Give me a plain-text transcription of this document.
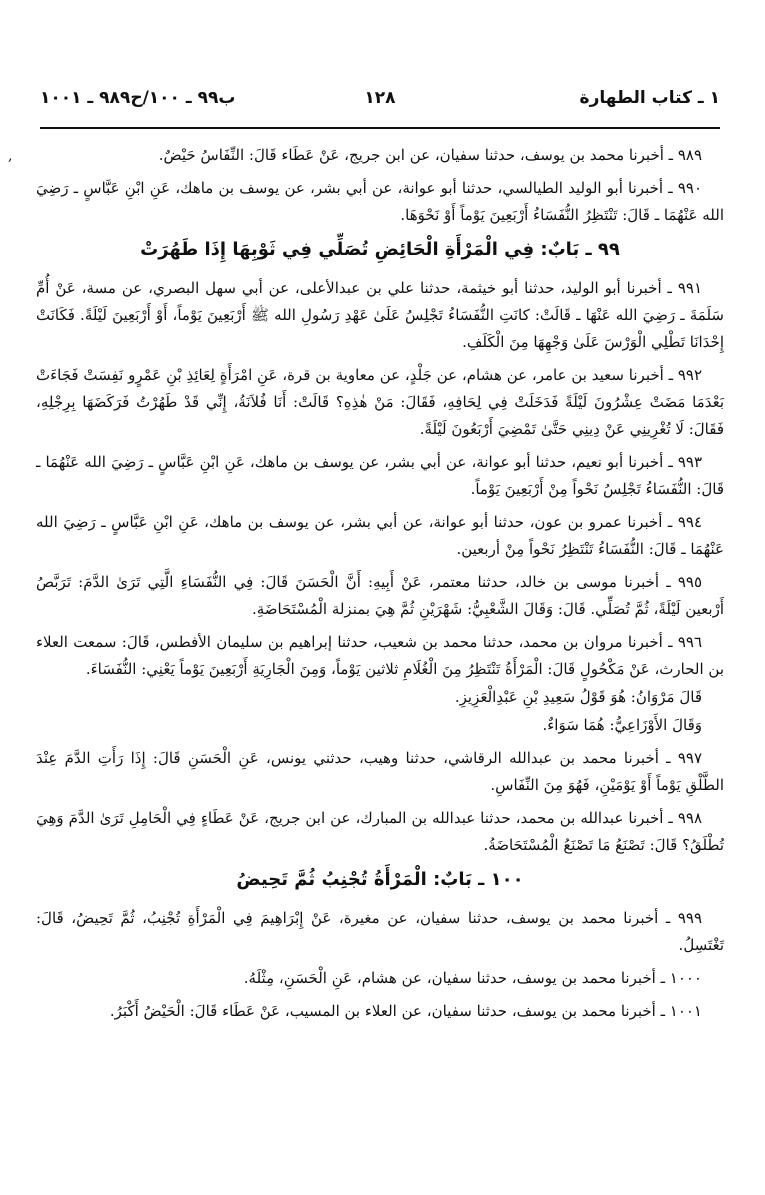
١ ـ كتاب الطهارة
١٢٨
ب٩٩ ـ ١٠٠/ح٩٨٩ ـ ١٠٠١
,	٩٨٩ ـ أخبرنا محمد بن يوسف، حدثنا سفيان، عن ابن جريج، عَنْ عَطَاء قَالَ: النِّفَاسُ حَيْضٌ.

٩٩٠ ـ أخبرنا أبو الوليد الطيالسي، حدثنا أبو عوانة، عن أبي بشر، عن يوسف بن ماهك، عَنِ ابْنِ عَبَّاسٍ ـ رَضِيَ الله عَنْهُمَا ـ قَالَ: تَنْتَظِرُ النُّفَسَاءُ أَرْبَعِينَ يَوْماً أَوْ نَحْوَهَا.

٩٩ ـ بَابٌ: فِي الْمَرْأَةِ الْحَائِضِ تُصَلِّي فِي ثَوْبِهَا إِذَا طَهُرَتْ

٩٩١ ـ أخبرنا أبو الوليد، حدثنا أبو خيثمة، حدثنا علي بن عبدالأعلى، عن أبي سهل البصري، عن مسة، عَنْ أُمِّ سَلَمَةَ ـ رَضِيَ الله عَنْهَا ـ قَالَتْ: كانَتِ النُّفَسَاءُ تَجْلِسُ عَلَىٰ عَهْدِ رَسُولِ الله ﷺ أَرْبَعِينَ يَوْماً، أَوْ أَرْبَعِينَ لَيْلَةً. فَكَانَتْ إِحْدَانَا تَطْلِي الْوَرْسَ عَلَىٰ وَجْهِهَا مِنَ الْكَلَفِ.

٩٩٢ ـ أخبرنا سعيد بن عامر، عن هشام، عن جَلْدٍ، عن معاوية بن قرة، عَنِ امْرَأَةٍ لِعَائِذِ بْنِ عَمْرٍو نَفِسَتْ فَجَاءَتْ بَعْدَمَا مَضَتْ عِشْرُونَ لَيْلَةً فَدَخَلَتْ فِي لِحَافِهِ، فَقَالَ: مَنْ هٰذِهِ؟ قَالَتْ: أَنَا فُلاَنَةُ، إِنِّي قَدْ طَهُرْتُ فَرَكَضَهَا بِرِجْلِهِ، فَقَالَ: لَا تُغْرِينِي عَنْ دِينِي حَتَّىٰ تَمْضِيَ أَرْبَعُونَ لَيْلَةً.

٩٩٣ ـ أخبرنا أبو نعيم، حدثنا أبو عوانة، عن أبي بشر، عن يوسف بن ماهك، عَنِ ابْنِ عَبَّاسٍ ـ رَضِيَ الله عَنْهُمَا ـ قَالَ: النُّفَسَاءُ تَجْلِسُ نَحْواً مِنْ أَرْبَعِينَ يَوْماً.

٩٩٤ ـ أخبرنا عمرو بن عون، حدثنا أبو عوانة، عن أبي بشر، عن يوسف بن ماهك، عَنِ ابْنِ عَبَّاسٍ ـ رَضِيَ الله عَنْهُمَا ـ قَالَ: النُّفَسَاءُ تَنْتَظِرُ نَحْواً مِنْ أربعين.

٩٩٥ ـ أخبرنا موسى بن خالد، حدثنا معتمر، عَنْ أَبِيهِ: أَنَّ الْحَسَنَ قَالَ: فِي النُّفَسَاءِ الَّتِي تَرَىٰ الدَّمَ: تَرَبَّصُ أَرْبعين لَيْلَةً، ثُمَّ تُصَلِّي. قَالَ: وَقَالَ الشَّعْبِيُّ: شَهْرَيْنِ ثُمَّ هِيَ بمنزلة الْمُسْتَحَاضَةِ.

٩٩٦ ـ أخبرنا مروان بن محمد، حدثنا محمد بن شعيب، حدثنا إبراهيم بن سليمان الأفطس، قَالَ: سمعت العلاء بن الحارث، عَنْ مَكْحُولٍ قَالَ: الْمَرْأَةُ تَنْتَظِرُ مِنَ الْغُلَامِ ثلاثين يَوْماً، وَمِنَ الْجَارِيَةِ أَرْبَعِينَ يَوْماً يَعْنِي: النُّفَسَاءَ.

قَالَ مَرْوَانُ: هُوَ قَوْلُ سَعِيدِ بْنِ عَبْدِالْعَزِيزِ.

وَقَالَ الأَوْزَاعِيُّ: هُمَا سَوَاءٌ.

٩٩٧ ـ أخبرنا محمد بن عبدالله الرقاشي، حدثنا وهيب، حدثني يونس، عَنِ الْحَسَنِ قَالَ: إِذَا رَأَتِ الدَّمَ عِنْدَ الطَّلْقِ يَوْماً أَوْ يَوْمَيْنِ، فَهُوَ مِنَ النِّفَاسِ.

٩٩٨ ـ أخبرنا عبدالله بن محمد، حدثنا عبدالله بن المبارك، عن ابن جريج، عَنْ عَطَاءٍ فِي الْحَامِلِ تَرَىٰ الدَّمَ وَهِيَ تُطْلَقُ؟ قَالَ: تَصْنَعُ مَا تَصْنَعُ الْمُسْتَحَاضَةُ.

١٠٠ ـ بَابٌ: الْمَرْأَةُ تُجْنِبُ ثُمَّ تَحِيضُ

٩٩٩ ـ أخبرنا محمد بن يوسف، حدثنا سفيان، عن مغيرة، عَنْ إِبْرَاهِيمَ فِي الْمَرْأَةِ تُجْنِبُ، ثُمَّ تَحِيضُ، قَالَ: تَغْتَسِلُ.

١٠٠٠ ـ أخبرنا محمد بن يوسف، حدثنا سفيان، عن هشام، عَنِ الْحَسَنِ، مِثْلَهُ.

١٠٠١ ـ أخبرنا محمد بن يوسف، حدثنا سفيان، عن العلاء بن المسيب، عَنْ عَطَاء قَالَ: الْحَيْضُ أَكْبَرُ.
